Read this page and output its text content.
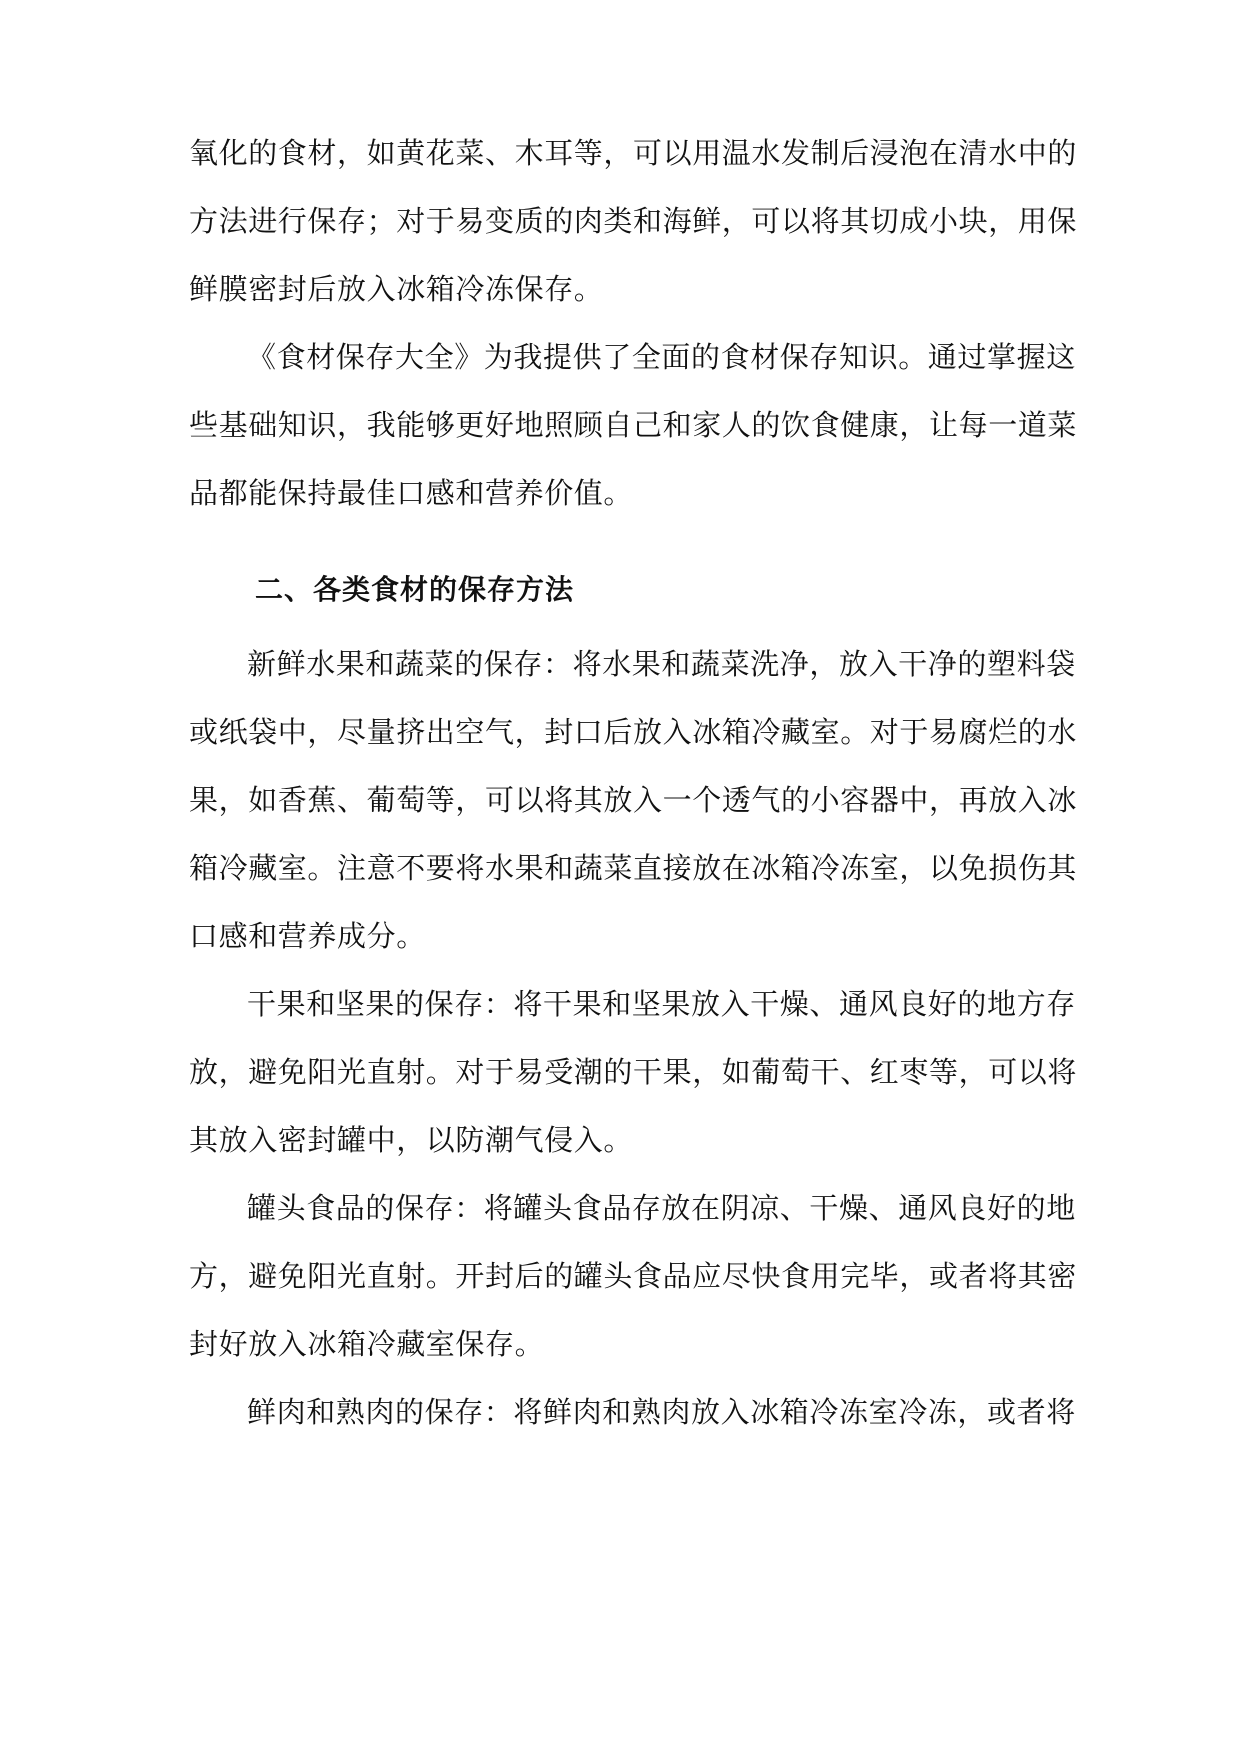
氧化的食材，如黄花菜、木耳等，可以用温水发制后浸泡在清水中的
方法进行保存；对于易变质的肉类和海鲜，可以将其切成小块，用保
鲜膜密封后放入冰箱冷冻保存。
《食材保存大全》为我提供了全面的食材保存知识。通过掌握这
些基础知识，我能够更好地照顾自己和家人的饮食健康，让每一道菜
品都能保持最佳口感和营养价值。
二、各类食材的保存方法
新鲜水果和蔬菜的保存：将水果和蔬菜洗净，放入干净的塑料袋
或纸袋中，尽量挤出空气，封口后放入冰箱冷藏室。对于易腐烂的水
果，如香蕉、葡萄等，可以将其放入一个透气的小容器中，再放入冰
箱冷藏室。注意不要将水果和蔬菜直接放在冰箱冷冻室，以免损伤其
口感和营养成分。
干果和坚果的保存：将干果和坚果放入干燥、通风良好的地方存
放，避免阳光直射。对于易受潮的干果，如葡萄干、红枣等，可以将
其放入密封罐中，以防潮气侵入。
罐头食品的保存：将罐头食品存放在阴凉、干燥、通风良好的地
方，避免阳光直射。开封后的罐头食品应尽快食用完毕，或者将其密
封好放入冰箱冷藏室保存。
鲜肉和熟肉的保存：将鲜肉和熟肉放入冰箱冷冻室冷冻，或者将
